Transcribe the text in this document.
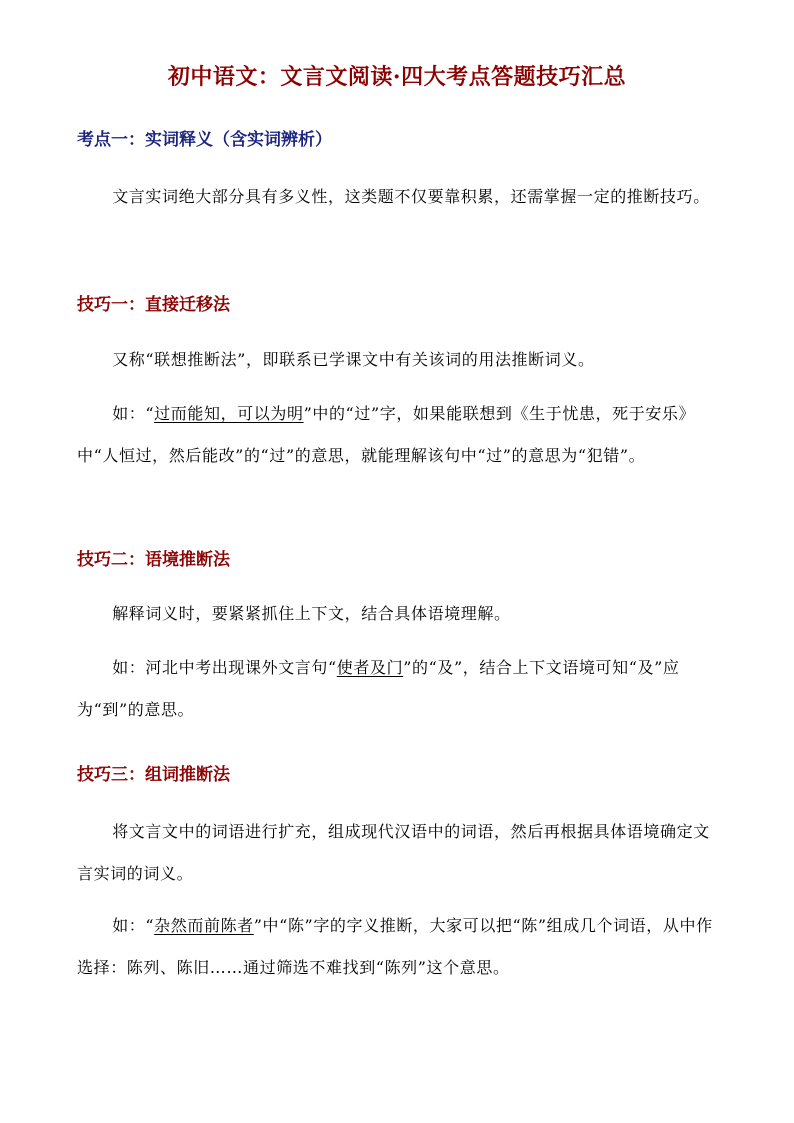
初中语文：文言文阅读·四大考点答题技巧汇总
考点一：实词释义（含实词辨析）
文言实词绝大部分具有多义性，这类题不仅要靠积累，还需掌握一定的推断技巧。
技巧一：直接迁移法
又称“联想推断法”，即联系已学课文中有关该词的用法推断词义。
如：“过而能知，可以为明”中的“过”字，如果能联想到《生于忧患，死于安乐》中“人恒过，然后能改”的“过”的意思，就能理解该句中“过”的意思为“犯错”。
技巧二：语境推断法
解释词义时，要紧紧抓住上下文，结合具体语境理解。
如：河北中考出现课外文言句“使者及门”的“及”，结合上下文语境可知“及”应为“到”的意思。
技巧三：组词推断法
将文言文中的词语进行扩充，组成现代汉语中的词语，然后再根据具体语境确定文言实词的词义。
如：“杂然而前陈者”中“陈”字的字义推断，大家可以把“陈”组成几个词语，从中作选择：陈列、陈旧……通过筛选不难找到“陈列”这个意思。
